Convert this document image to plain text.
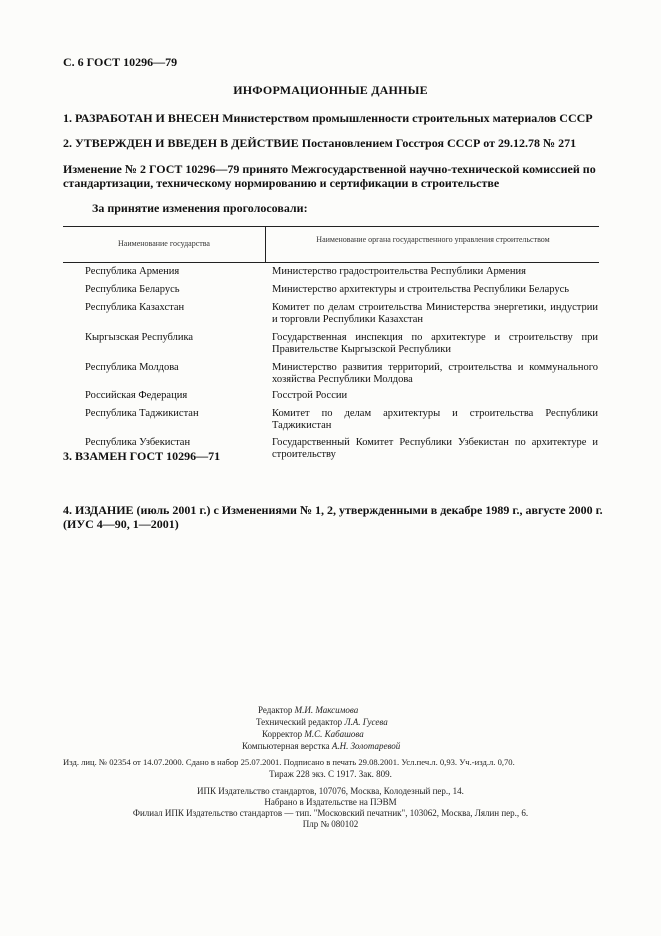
С. 6 ГОСТ 10296—79
ИНФОРМАЦИОННЫЕ ДАННЫЕ
1. РАЗРАБОТАН И ВНЕСЕН Министерством промышленности строительных материалов СССР
2. УТВЕРЖДЕН И ВВЕДЕН В ДЕЙСТВИЕ Постановлением Госстроя СССР от 29.12.78 № 271
Изменение № 2 ГОСТ 10296—79 принято Межгосударственной научно-технической комиссией по стандартизации, техническому нормированию и сертификации в строительстве
За принятие изменения проголосовали:
Наименование государства	Наименование органа государственного управления строительством
Республика Армения	Министерство градостроительства Республики Армения
Республика Беларусь	Министерство архитектуры и строительства Республики Беларусь
Республика Казахстан	Комитет по делам строительства Министерства энергетики, индустрии и торговли Республики Казахстан
Кыргызская Республика	Государственная инспекция по архитектуре и строительству при Правительстве Кыргызской Республики
Республика Молдова	Министерство развития территорий, строительства и коммунального хозяйства Республики Молдова
Российская Федерация	Госстрой России
Республика Таджикистан	Комитет по делам архитектуры и строительства Республики Таджикистан
Республика Узбекистан	Государственный Комитет Республики Узбекистан по архитектуре и строительству
3. ВЗАМЕН ГОСТ 10296—71
4. ИЗДАНИЕ (июль 2001 г.) с Изменениями № 1, 2, утвержденными в декабре 1989 г., августе 2000 г. (ИУС 4—90, 1—2001)
Редактор М.И. Максимова
Технический редактор Л.А. Гусева
Корректор М.С. Кабашова
Компьютерная верстка А.Н. Золотаревой
Изд. лиц. № 02354 от 14.07.2000. Сдано в набор 25.07.2001. Подписано в печать 29.08.2001. Усл.печ.л. 0,93. Уч.-изд.л. 0,70.
Тираж 228 экз. С 1917. Зак. 809.
ИПК Издательство стандартов, 107076, Москва, Колодезный пер., 14.
Набрано в Издательстве на ПЭВМ
Филиал ИПК Издательство стандартов — тип. "Московский печатник", 103062, Москва, Лялин пер., 6.
Плр № 080102
